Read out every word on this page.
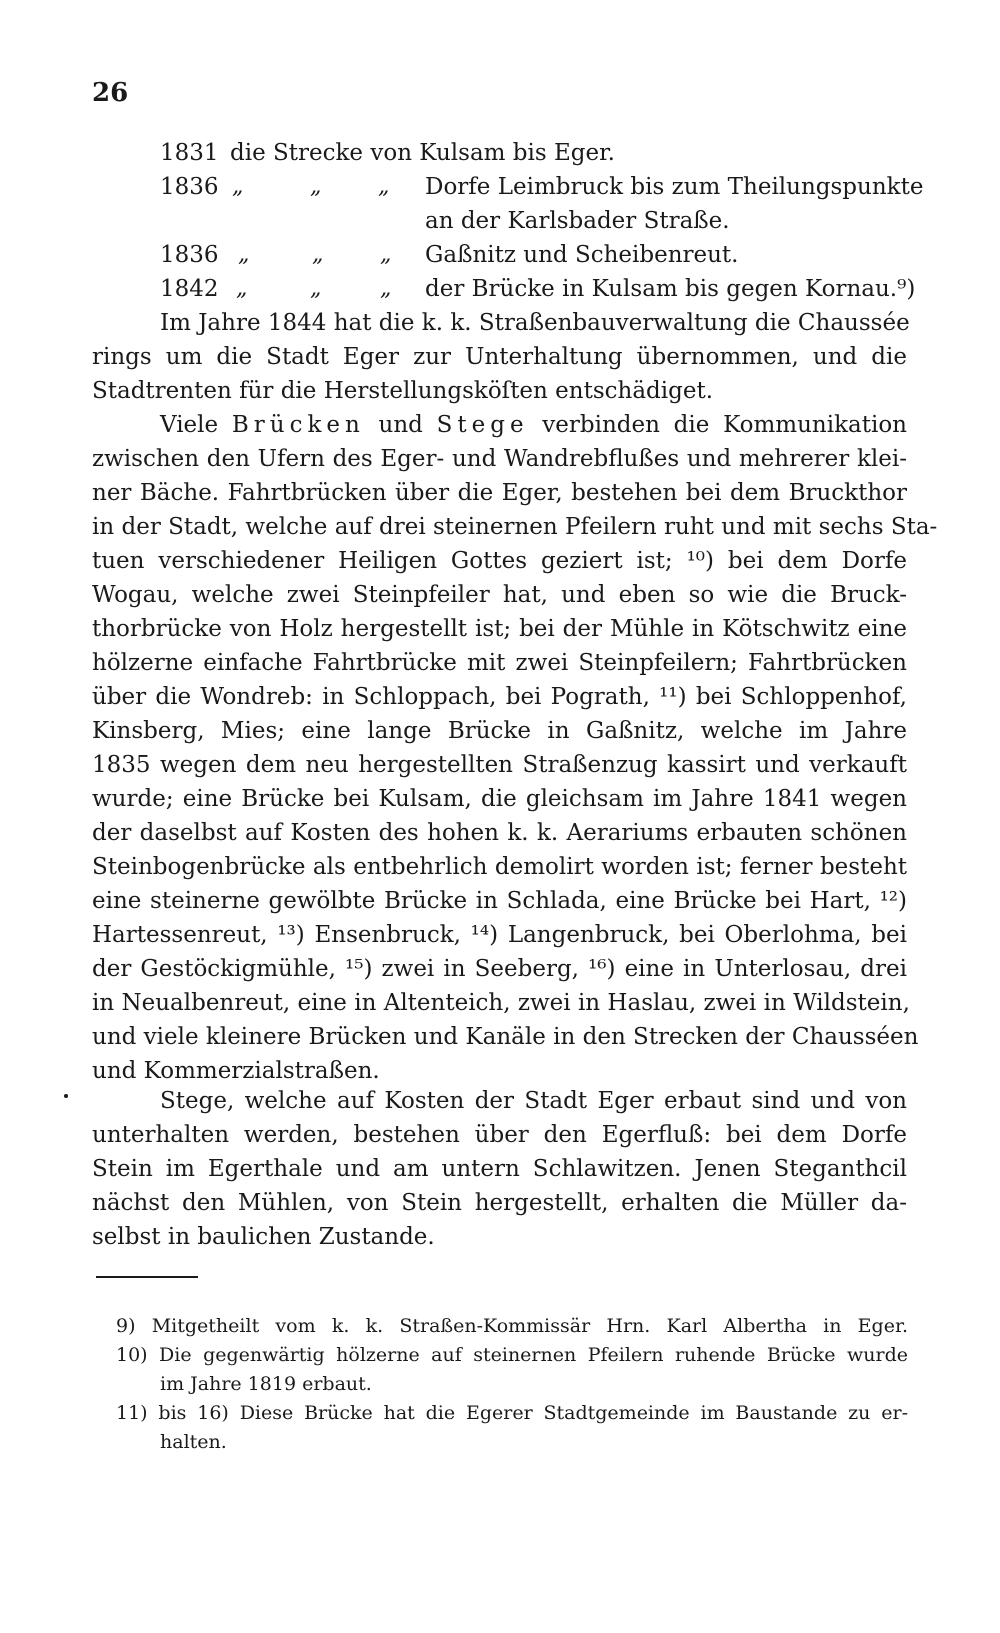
26
1831 die Strecke von Kulsam bis Eger.
1836 „	„	„ Dorfe Leimbruck bis zum Theilungspunkte
an der Karlsbader Straße.
1836 „	„	„ Gaßnitz und Scheibenreut.
1842 „	„	„ der Brücke in Kulsam bis gegen Kornau.⁹)
Im Jahre 1844 hat die k. k. Straßenbauverwaltung die Chaussée
rings um die Stadt Eger zur Unterhaltung übernommen, und die
Stadtrenten für die Herstellungsköſten entschädiget.
Viele Brücken und Stege verbinden die Kommunikation
zwischen den Ufern des Eger- und Wandrebflußes und mehrerer klei-
ner Bäche. Fahrtbrücken über die Eger, bestehen bei dem Bruckthor
in der Stadt, welche auf drei steinernen Pfeilern ruht und mit sechs Sta-
tuen verschiedener Heiligen Gottes geziert ist; ¹⁰) bei dem Dorfe
Wogau, welche zwei Steinpfeiler hat, und eben so wie die Bruck-
thorbrücke von Holz hergestellt ist; bei der Mühle in Kötschwitz eine
hölzerne einfache Fahrtbrücke mit zwei Steinpfeilern; Fahrtbrücken
über die Wondreb: in Schloppach, bei Pograth, ¹¹) bei Schloppenhof,
Kinsberg, Mies; eine lange Brücke in Gaßnitz, welche im Jahre
1835 wegen dem neu hergestellten Straßenzug kassirt und verkauft
wurde; eine Brücke bei Kulsam, die gleichsam im Jahre 1841 wegen
der daselbst auf Kosten des hohen k. k. Aerariums erbauten schönen
Steinbogenbrücke als entbehrlich demolirt worden ist; ferner besteht
eine steinerne gewölbte Brücke in Schlada, eine Brücke bei Hart, ¹²)
Hartessenreut, ¹³) Ensenbruck, ¹⁴) Langenbruck, bei Oberlohma, bei
der Gestöckigmühle, ¹⁵) zwei in Seeberg, ¹⁶) eine in Unterlosau, drei
in Neualbenreut, eine in Altenteich, zwei in Haslau, zwei in Wildstein,
und viele kleinere Brücken und Kanäle in den Strecken der Chausséen
und Kommerzialstraßen.
Stege, welche auf Kosten der Stadt Eger erbaut sind und von
unterhalten werden, bestehen über den Egerfluß: bei dem Dorfe
Stein im Egerthale und am untern Schlawitzen. Jenen Steganthcil
nächst den Mühlen, von Stein hergestellt, erhalten die Müller da-
selbst in baulichen Zustande.
9) Mitgetheilt vom k. k. Straßen-Kommissär Hrn. Karl Albertha in Eger.
10) Die gegenwärtig hölzerne auf steinernen Pfeilern ruhende Brücke wurde
im Jahre 1819 erbaut.
11) bis 16) Diese Brücke hat die Egerer Stadtgemeinde im Baustande zu er-
halten.
